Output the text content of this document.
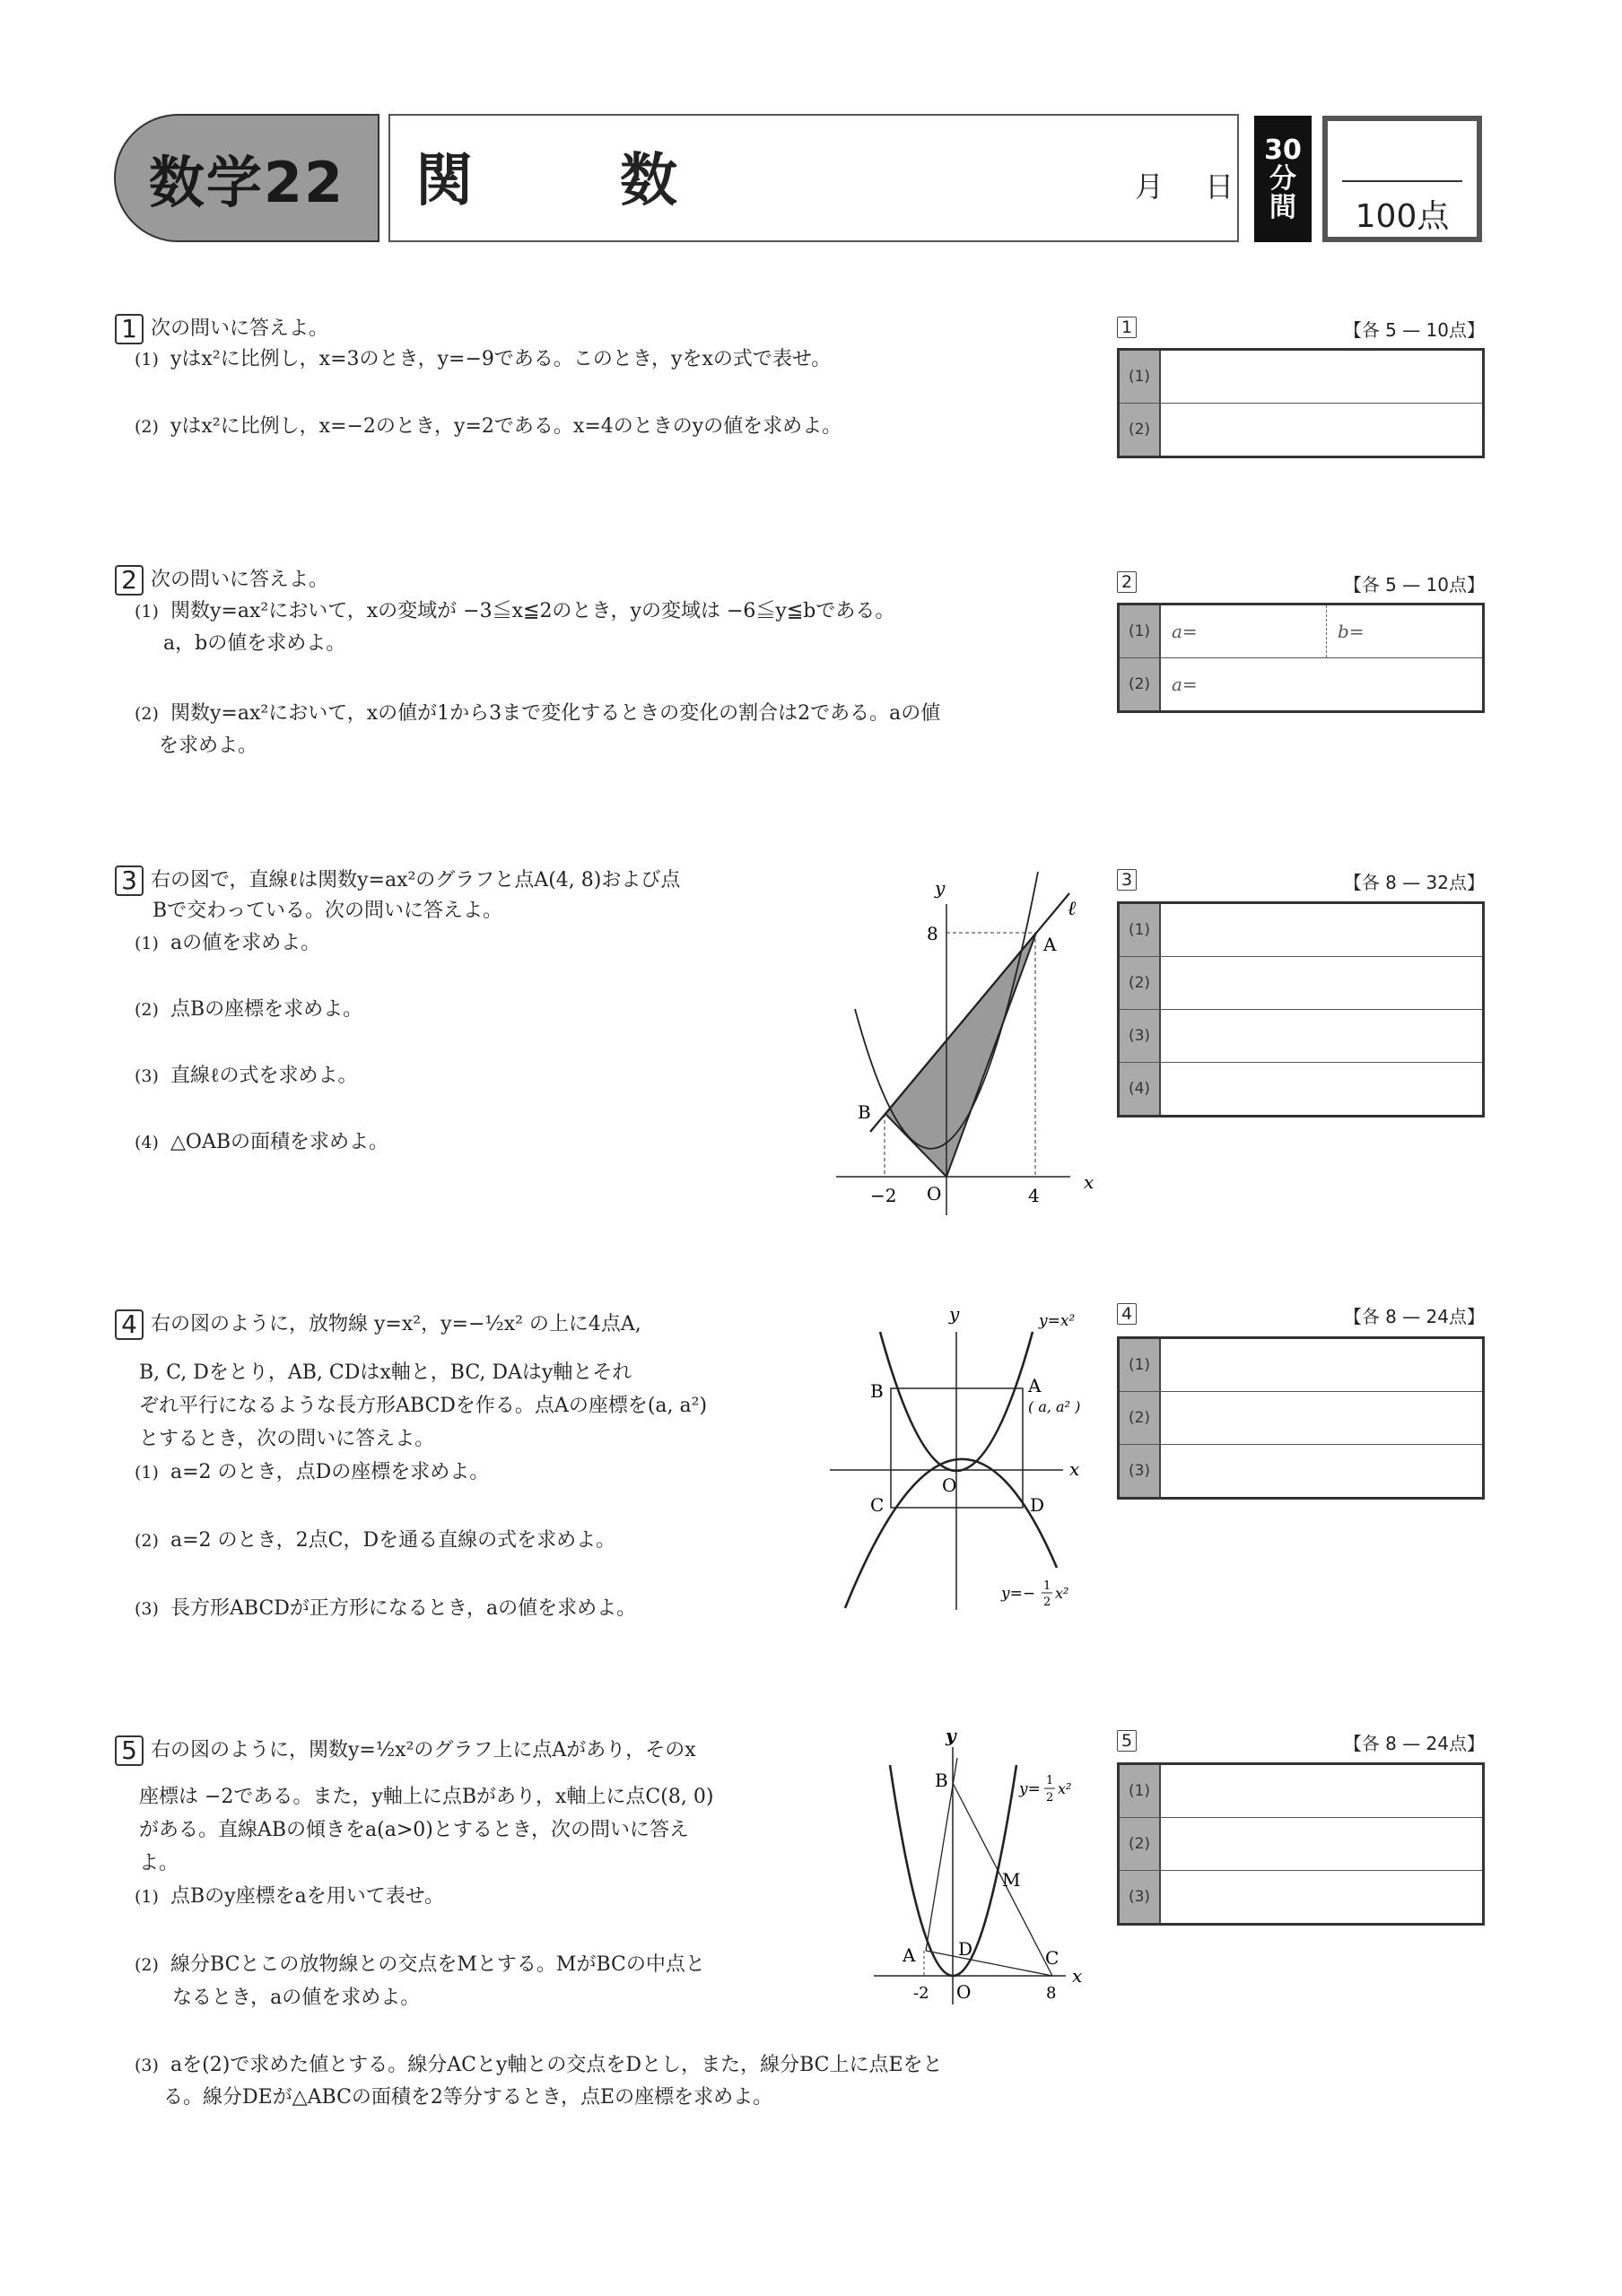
数学22 関　数	月 日
30
分
間	100点
1 次の問いに答えよ。
(1) yはx²に比例し，x=3のとき，y=−9である。このとき，yをxの式で表せ。
(2) yはx²に比例し，x=−2のとき，y=2である。x=4のときのyの値を求めよ。
1	【各 5 — 10点】
(1)
(2)
2 次の問いに答えよ。
(1) 関数y=ax²において，xの変域が −3≦x≦2のとき，yの変域は −6≦y≦bである。
a，bの値を求めよ。
(2) 関数y=ax²において，xの値が1から3まで変化するときの変化の割合は2である。aの値
を求めよ。
2	【各 5 — 10点】
(1)	a=	b=
(2)	a=
3 右の図で，直線ℓは関数y=ax²のグラフと点A(4, 8)および点
Bで交わっている。次の問いに答えよ。
(1) aの値を求めよ。
(2) 点Bの座標を求めよ。
(3) 直線ℓの式を求めよ。
(4) △OABの面積を求めよ。
y
x
ℓ
A
B
O
8
−2	4
3	【各 8 — 32点】
(1)
(2)
(3)
(4)
4 右の図のように，放物線 y=x²，y=−½x² の上に4点A,
B, C, Dをとり，AB, CDはx軸と，BC, DAはy軸とそれ
ぞれ平行になるような長方形ABCDを作る。点Aの座標を(a, a²)
とするとき，次の問いに答えよ。
(1) a=2 のとき，点Dの座標を求めよ。
(2) a=2 のとき，2点C，Dを通る直線の式を求めよ。
(3) 長方形ABCDが正方形になるとき，aの値を求めよ。
y
x
y=x²
A
( a, a² )
B
C	D
O
y=− 1
2
x²
4	【各 8 — 24点】
(1)
(2)
(3)
5 右の図のように，関数y=½x²のグラフ上に点Aがあり，そのx
座標は −2である。また，y軸上に点Bがあり，x軸上に点C(8, 0)
がある。直線ABの傾きをa(a>0)とするとき，次の問いに答え
よ。
(1) 点Bのy座標をaを用いて表せ。
(2) 線分BCとこの放物線との交点をMとする。MがBCの中点と
なるとき，aの値を求めよ。
(3) aを(2)で求めた値とする。線分ACとy軸との交点をDとし，また，線分BC上に点Eをと
る。線分DEが△ABCの面積を2等分するとき，点Eの座標を求めよ。
y
x
B
M
A D	C
O
-2	8
y= 1
2
x²
5	【各 8 — 24点】
(1)
(2)
(3)
